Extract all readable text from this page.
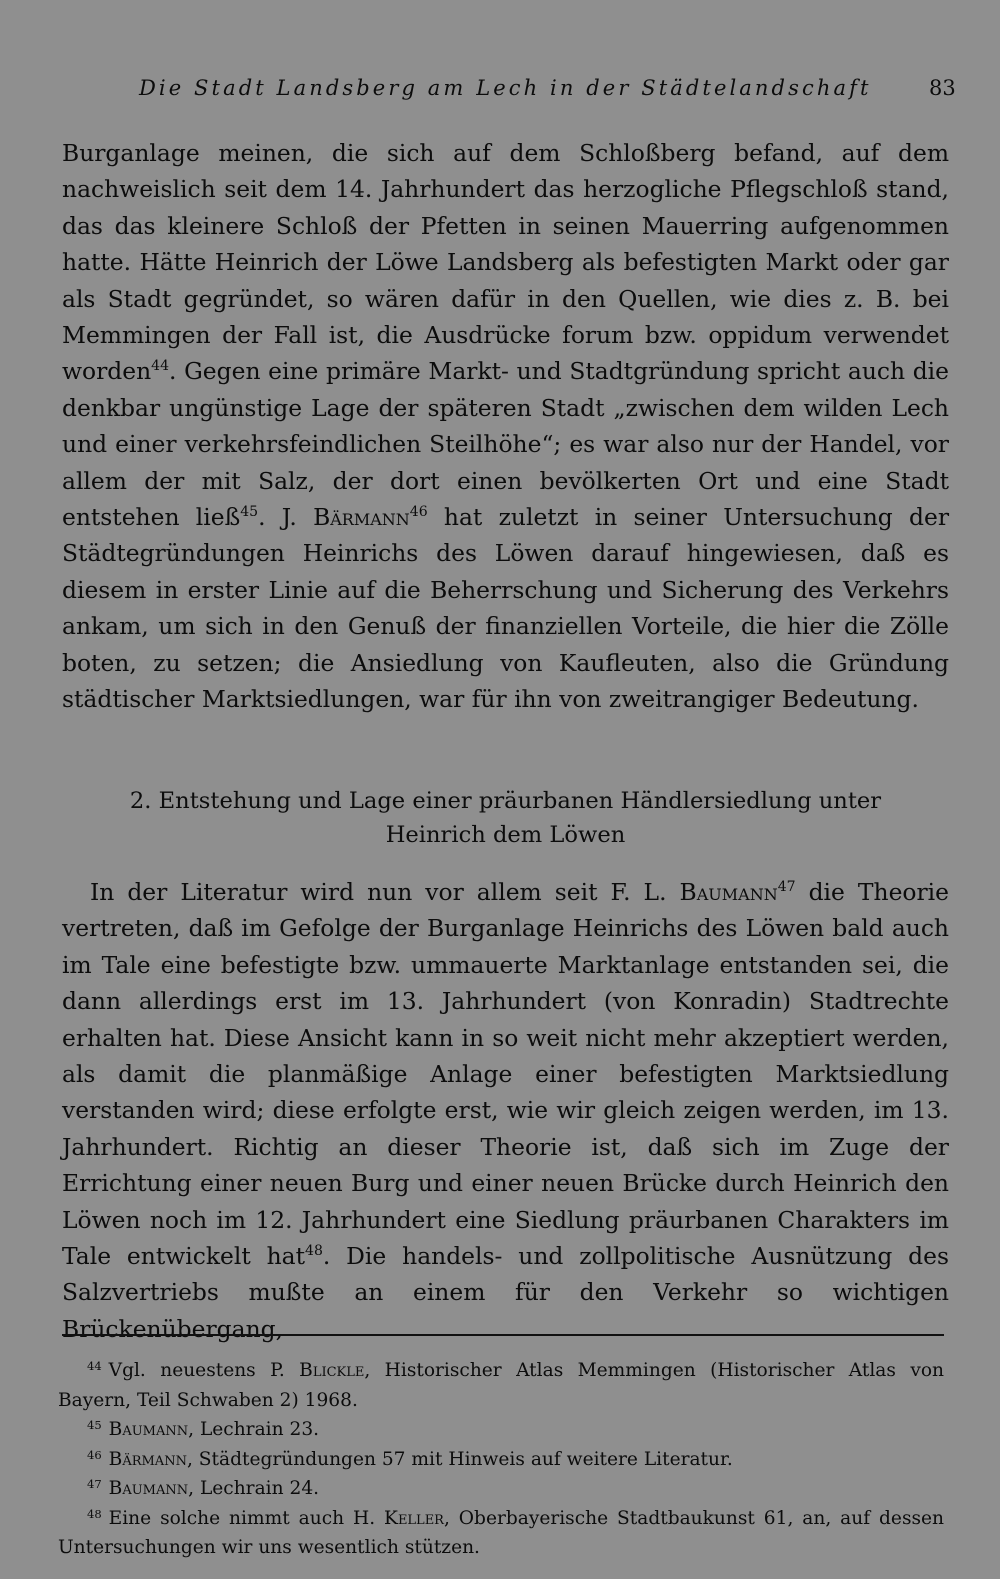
Die Stadt Landsberg am Lech in der Städtelandschaft	83

Burganlage meinen, die sich auf dem Schloßberg befand, auf dem nachweislich seit dem 14. Jahrhundert das herzogliche Pflegschloß stand, das das kleinere Schloß der Pfetten in seinen Mauerring aufgenommen hatte. Hätte Heinrich der Löwe Landsberg als befestigten Markt oder gar als Stadt gegründet, so wären dafür in den Quellen, wie dies z. B. bei Memmingen der Fall ist, die Ausdrücke forum bzw. oppidum verwendet worden$^{44}$. Gegen eine primäre Markt- und Stadtgründung spricht auch die denkbar ungünstige Lage der späteren Stadt „zwischen dem wilden Lech und einer verkehrsfeindlichen Steilhöhe“; es war also nur der Handel, vor allem der mit Salz, der dort einen bevölkerten Ort und eine Stadt entstehen ließ$^{45}$. J. Bärmann$^{46}$ hat zuletzt in seiner Untersuchung der Städtegründungen Heinrichs des Löwen darauf hingewiesen, daß es diesem in erster Linie auf die Beherrschung und Sicherung des Verkehrs ankam, um sich in den Genuß der finanziellen Vorteile, die hier die Zölle boten, zu setzen; die Ansiedlung von Kaufleuten, also die Gründung städtischer Marktsiedlungen, war für ihn von zweitrangiger Bedeutung.

2. Entstehung und Lage einer präurbanen Händlersiedlung unter
Heinrich dem Löwen

In der Literatur wird nun vor allem seit F. L. Baumann$^{47}$ die Theorie vertreten, daß im Gefolge der Burganlage Heinrichs des Löwen bald auch im Tale eine befestigte bzw. ummauerte Marktanlage entstanden sei, die dann allerdings erst im 13. Jahrhundert (von Konradin) Stadtrechte erhalten hat. Diese Ansicht kann in so weit nicht mehr akzeptiert werden, als damit die planmäßige Anlage einer befestigten Marktsiedlung verstanden wird; diese erfolgte erst, wie wir gleich zeigen werden, im 13. Jahrhundert. Richtig an dieser Theorie ist, daß sich im Zuge der Errichtung einer neuen Burg und einer neuen Brücke durch Heinrich den Löwen noch im 12. Jahrhundert eine Siedlung präurbanen Charakters im Tale entwickelt hat$^{48}$. Die handels- und zollpolitische Ausnützung des Salzvertriebs mußte an einem für den Verkehr so wichtigen Brückenübergang,

$^{44}$ Vgl. neuestens P. Blickle, Historischer Atlas Memmingen (Historischer Atlas von Bayern, Teil Schwaben 2) 1968.
$^{45}$ Baumann, Lechrain 23.
$^{46}$ Bärmann, Städtegründungen 57 mit Hinweis auf weitere Literatur.
$^{47}$ Baumann, Lechrain 24.
$^{48}$ Eine solche nimmt auch H. Keller, Oberbayerische Stadtbaukunst 61, an, auf dessen Untersuchungen wir uns wesentlich stützen.
